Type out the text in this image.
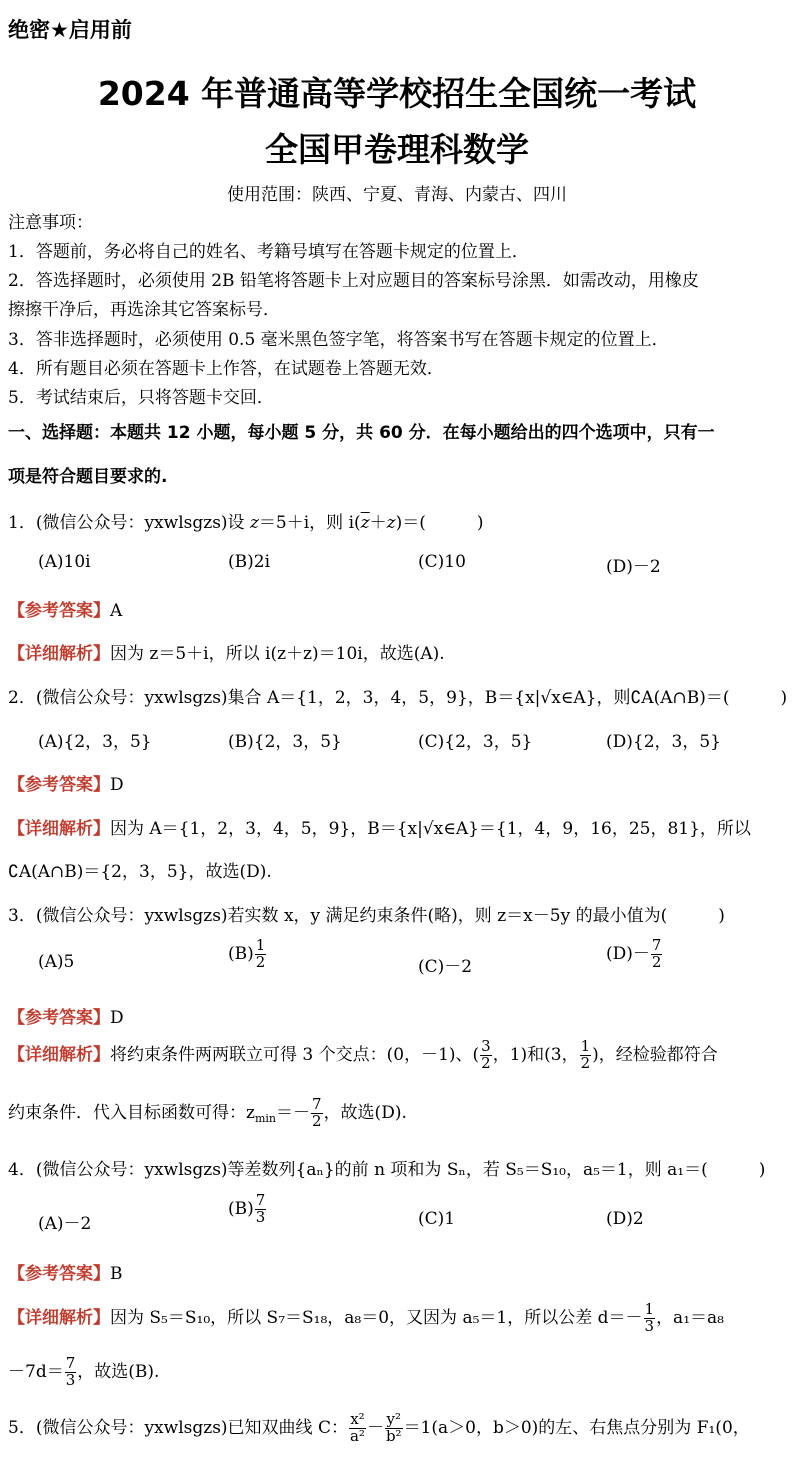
绝密★启用前
2024 年普通高等学校招生全国统一考试
全国甲卷理科数学
使用范围：陕西、宁夏、青海、内蒙古、四川
注意事项：
1．答题前，务必将自己的姓名、考籍号填写在答题卡规定的位置上．
2．答选择题时，必须使用 2B 铅笔将答题卡上对应题目的答案标号涂黑．如需改动，用橡皮
擦擦干净后，再选涂其它答案标号．
3．答非选择题时，必须使用 0.5 毫米黑色签字笔，将答案书写在答题卡规定的位置上．
4．所有题目必须在答题卡上作答，在试题卷上答题无效．
5．考试结束后，只将答题卡交回．
一、选择题：本题共 12 小题，每小题 5 分，共 60 分．在每小题给出的四个选项中，只有一
项是符合题目要求的.
1．(微信公众号：yxwlsgzs)设 z＝5＋i，则 $i(\overline{z}+z)=$(　　　)
(A)10i	(B)2i	(C)10	(D)－2
【参考答案】A
【详细解析】因为 z＝5＋i，所以 i(z＋z)＝10i，故选(A).
2．(微信公众号：yxwlsgzs)集合 A＝{1，2，3，4，5，9}，B＝{x|√x∈A}，则∁A(A∩B)＝(　　　)
(A){2，3，5}	(B){2，3，5}	(C){2，3，5}	(D){2，3，5}
【参考答案】D
【详细解析】因为 A＝{1，2，3，4，5，9}，B＝{x|√x∈A}＝{1，4，9，16，25，81}，所以
∁A(A∩B)＝{2，3，5}，故选(D).
3．(微信公众号：yxwlsgzs)若实数 x，y 满足约束条件(略)，则 z＝x－5y 的最小值为(　　　)
(A)5	$(B) \frac{1}{2}$	(C)－2
$(D)- \frac{7}{2}$
【参考答案】D
【详细解析】将约束条件两两联立可得 3 个交点：(0，－1)、( $\frac{3}{2}$ ，1)和(3， $\frac{1}{2}$ )，经检验都符合
约束条件．代入目标函数可得：$z_{min}=- \frac{7}{2}$ ，故选(D).
4．(微信公众号：yxwlsgzs)等差数列{aₙ}的前 n 项和为 Sₙ，若 S₅＝S₁₀，a₅＝1，则 a₁＝(　　　)
(A)－2
$(B) \frac{7}{3}$	(C)1	(D)2
【参考答案】B
【详细解析】因为 S₅＝S₁₀，所以 S₇＝S₁₈，a₈＝0，又因为 a₅＝1，所以公差 $d=- \frac{1}{3}$ ，a₁＝a₈
$-7d= \frac{7}{3}$ ，故选(B).
5．(微信公众号：yxwlsgzs)已知双曲线 C： $\frac{\text{x²}}{\text{a²}} - \frac{\text{y²}}{\text{b²}} =1(a>0$，b＞0)的左、右焦点分别为 F₁(0，
